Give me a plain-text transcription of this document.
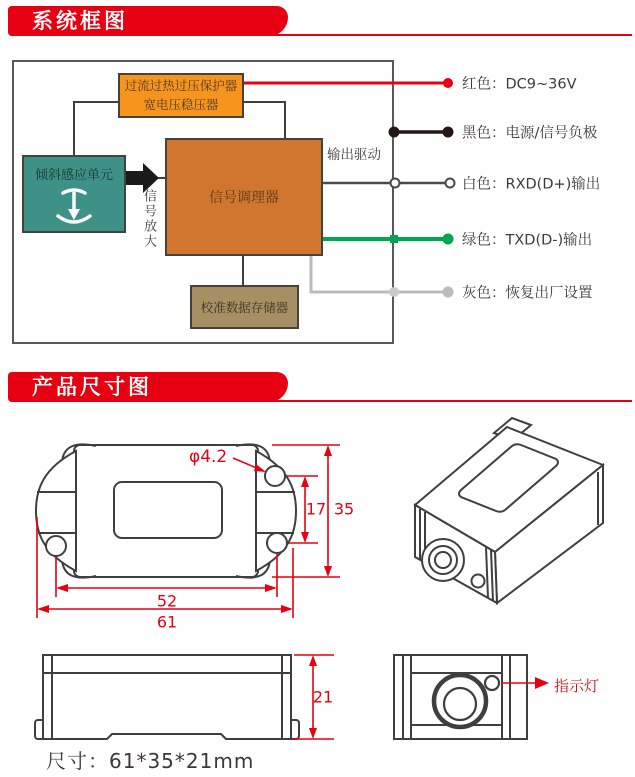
系统框图
产品尺寸图
过流过热过压保护器
宽电压稳压器
倾斜感应单元
信号调理器
校准数据存储器
输出驱动
信号放大
红色：DC9~36V
黑色：电源/信号负极
白色：RXD(D+)输出
绿色：TXD(D-)输出
灰色：恢复出厂设置
φ4.2
17 35
52
61
21
指示灯
尺寸：61*35*21mm
